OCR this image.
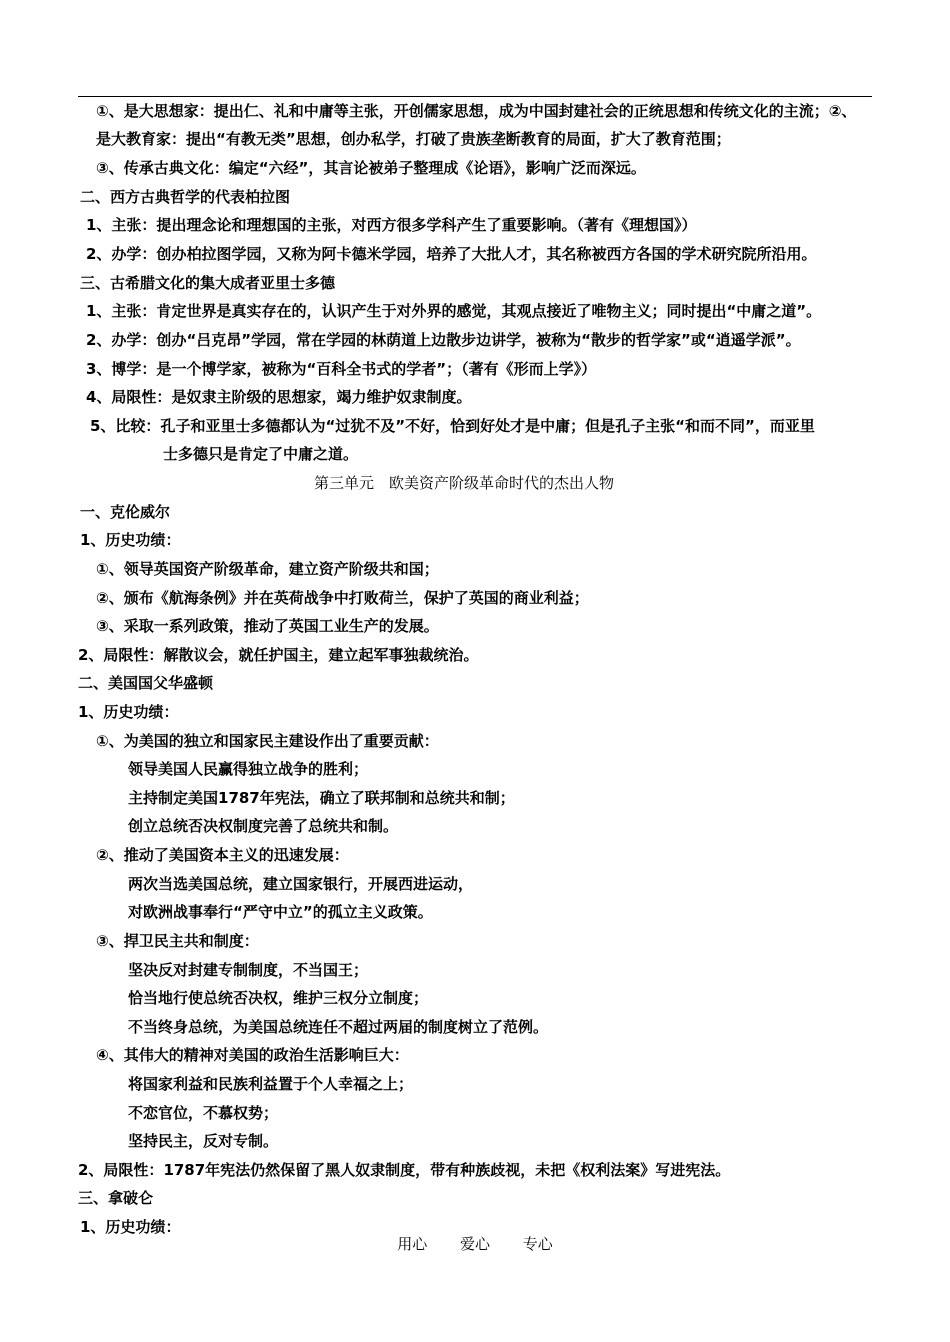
①、是大思想家：提出仁、礼和中庸等主张，开创儒家思想，成为中国封建社会的正统思想和传统文化的主流；②、
是大教育家：提出“有教无类”思想，创办私学，打破了贵族垄断教育的局面，扩大了教育范围；
③、传承古典文化：编定“六经”，其言论被弟子整理成《论语》，影响广泛而深远。
二、西方古典哲学的代表柏拉图
1、主张：提出理念论和理想国的主张，对西方很多学科产生了重要影响。（著有《理想国》）
2、办学：创办柏拉图学园，又称为阿卡德米学园，培养了大批人才，其名称被西方各国的学术研究院所沿用。
三、古希腊文化的集大成者亚里士多德
1、主张：肯定世界是真实存在的，认识产生于对外界的感觉，其观点接近了唯物主义；同时提出“中庸之道”。
2、办学：创办“吕克昂”学园，常在学园的林荫道上边散步边讲学，被称为“散步的哲学家”或“逍遥学派”。
3、博学：是一个博学家，被称为“百科全书式的学者”；（著有《形而上学》）
4、局限性：是奴隶主阶级的思想家，竭力维护奴隶制度。
5、比较：孔子和亚里士多德都认为“过犹不及”不好，恰到好处才是中庸；但是孔子主张“和而不同”，而亚里
士多德只是肯定了中庸之道。
第三单元　欧美资产阶级革命时代的杰出人物
一、克伦威尔
1、历史功绩：
①、领导英国资产阶级革命，建立资产阶级共和国；
②、颁布《航海条例》并在英荷战争中打败荷兰，保护了英国的商业利益；
③、采取一系列政策，推动了英国工业生产的发展。
2、局限性：解散议会，就任护国主，建立起军事独裁统治。
二、美国国父华盛顿
1、历史功绩：
①、为美国的独立和国家民主建设作出了重要贡献：
领导美国人民赢得独立战争的胜利；
主持制定美国1787年宪法，确立了联邦制和总统共和制；
创立总统否决权制度完善了总统共和制。
②、推动了美国资本主义的迅速发展：
两次当选美国总统，建立国家银行，开展西进运动，
对欧洲战事奉行“严守中立”的孤立主义政策。
③、捍卫民主共和制度：
坚决反对封建专制制度，不当国王；
恰当地行使总统否决权，维护三权分立制度；
不当终身总统，为美国总统连任不超过两届的制度树立了范例。
④、其伟大的精神对美国的政治生活影响巨大：
将国家利益和民族利益置于个人幸福之上；
不恋官位，不慕权势；
坚持民主，反对专制。
2、局限性：1787年宪法仍然保留了黑人奴隶制度，带有种族歧视，未把《权利法案》写进宪法。
三、拿破仑
1、历史功绩：
用心 爱心 专心
